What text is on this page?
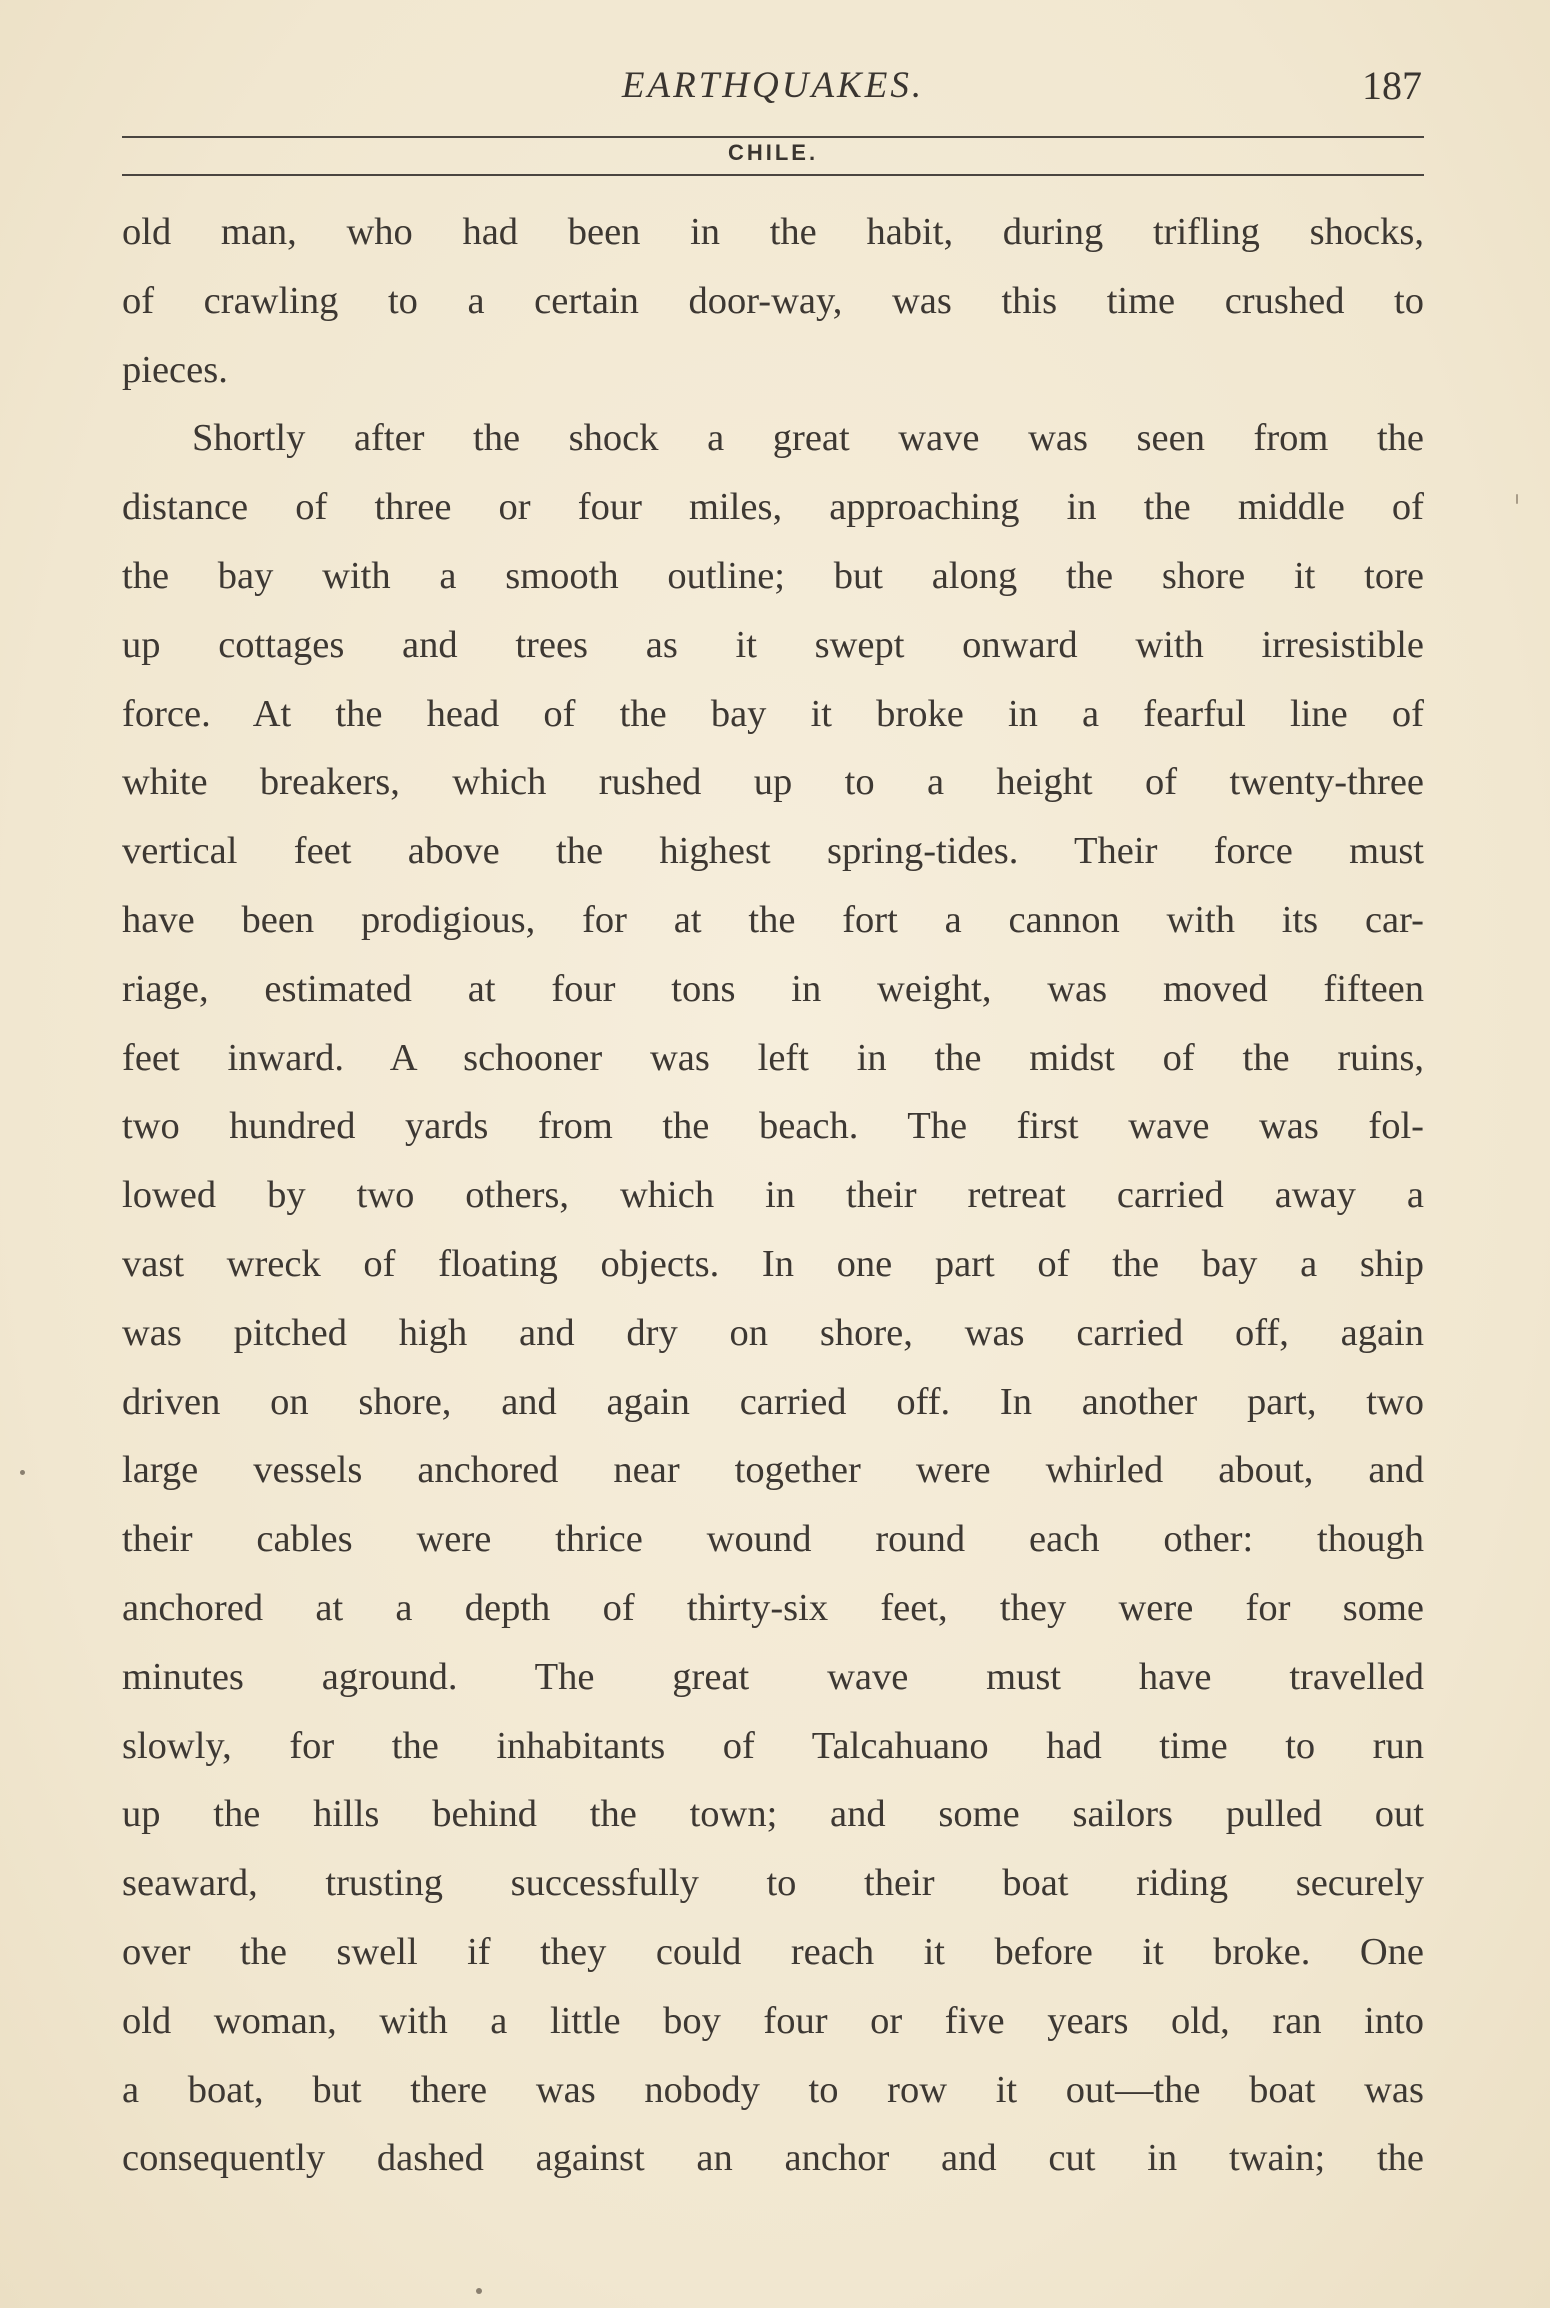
EARTHQUAKES.	187
CHILE.
old man, who had been in the habit, during trifling shocks,
of crawling to a certain door-way, was this time crushed to
pieces.
Shortly after the shock a great wave was seen from the
distance of three or four miles, approaching in the middle of
the bay with a smooth outline; but along the shore it tore
up cottages and trees as it swept onward with irresistible
force. At the head of the bay it broke in a fearful line of
white breakers, which rushed up to a height of twenty-three
vertical feet above the highest spring-tides. Their force must
have been prodigious, for at the fort a cannon with its car-
riage, estimated at four tons in weight, was moved fifteen
feet inward. A schooner was left in the midst of the ruins,
two hundred yards from the beach. The first wave was fol-
lowed by two others, which in their retreat carried away a
vast wreck of floating objects. In one part of the bay a ship
was pitched high and dry on shore, was carried off, again
driven on shore, and again carried off. In another part, two
large vessels anchored near together were whirled about, and
their cables were thrice wound round each other: though
anchored at a depth of thirty-six feet, they were for some
minutes aground. The great wave must have travelled
slowly, for the inhabitants of Talcahuano had time to run
up the hills behind the town; and some sailors pulled out
seaward, trusting successfully to their boat riding securely
over the swell if they could reach it before it broke. One
old woman, with a little boy four or five years old, ran into
a boat, but there was nobody to row it out—the boat was
consequently dashed against an anchor and cut in twain; the
